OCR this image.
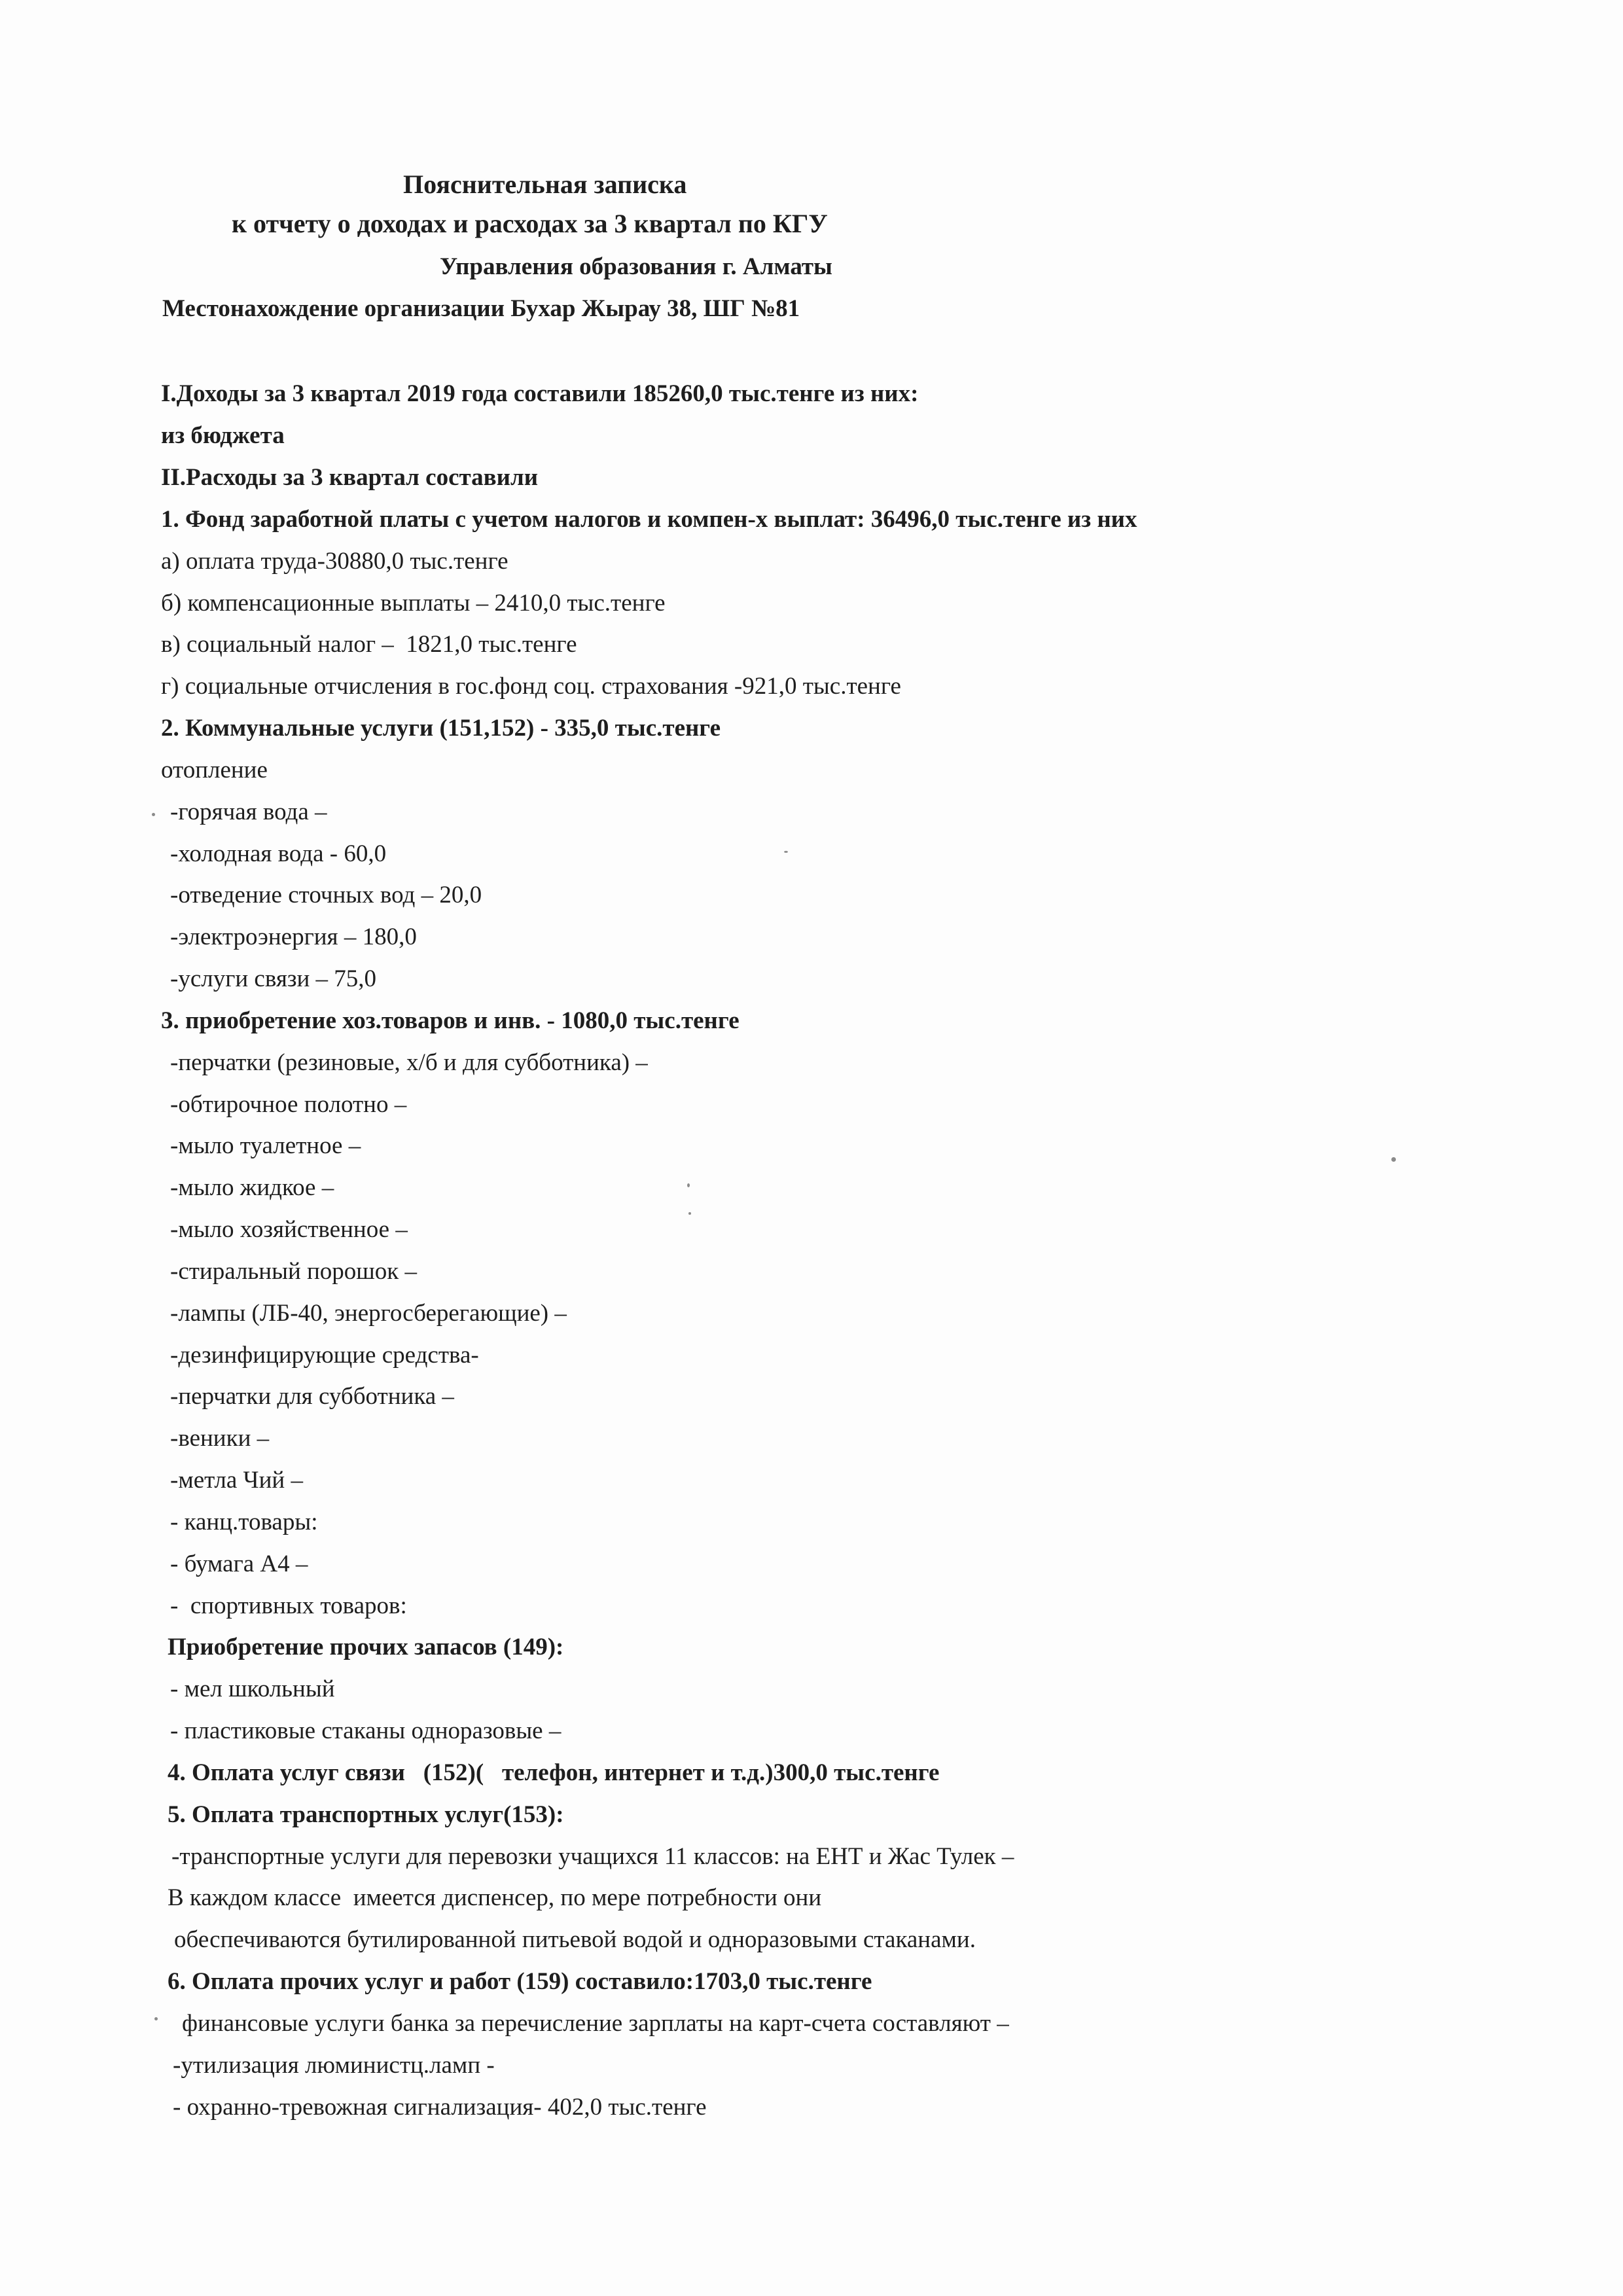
Пояснительная записка
к отчету о доходах и расходах за 3 квартал по КГУ
Управления образования г. Алматы
Местонахождение организации Бухар Жырау 38, ШГ №81
I.Доходы за 3 квартал 2019 года составили 185260,0 тыс.тенге из них:
из бюджета
II.Расходы за 3 квартал составили
1. Фонд заработной платы с учетом налогов и компен-х выплат: 36496,0 тыс.тенге из них
а) оплата труда-30880,0 тыс.тенге
б) компенсационные выплаты – 2410,0 тыс.тенге
в) социальный налог –  1821,0 тыс.тенге
г) социальные отчисления в гос.фонд соц. страхования -921,0 тыс.тенге
2. Коммунальные услуги (151,152) - 335,0 тыс.тенге
отопление
-горячая вода –
-холодная вода - 60,0
-отведение сточных вод – 20,0
-электроэнергия – 180,0
-услуги связи – 75,0
3. приобретение хоз.товаров и инв. - 1080,0 тыс.тенге
-перчатки (резиновые, х/б и для субботника) –
-обтирочное полотно –
-мыло туалетное –
-мыло жидкое –
-мыло хозяйственное –
-стиральный порошок –
-лампы (ЛБ-40, энергосберегающие) –
-дезинфицирующие средства-
-перчатки для субботника –
-веники –
-метла Чий –
- канц.товары:
- бумага А4 –
-  спортивных товаров:
Приобретение прочих запасов (149):
- мел школьный
- пластиковые стаканы одноразовые –
4. Оплата услуг связи   (152)(   телефон, интернет и т.д.)300,0 тыс.тенге
5. Оплата транспортных услуг(153):
-транспортные услуги для перевозки учащихся 11 классов: на ЕНТ и Жас Тулек –
В каждом классе  имеется диспенсер, по мере потребности они
обеспечиваются бутилированной питьевой водой и одноразовыми стаканами.
6. Оплата прочих услуг и работ (159) составило:1703,0 тыс.тенге
финансовые услуги банка за перечисление зарплаты на карт-счета составляют –
-утилизация люминистц.ламп -
- охранно-тревожная сигнализация- 402,0 тыс.тенге
